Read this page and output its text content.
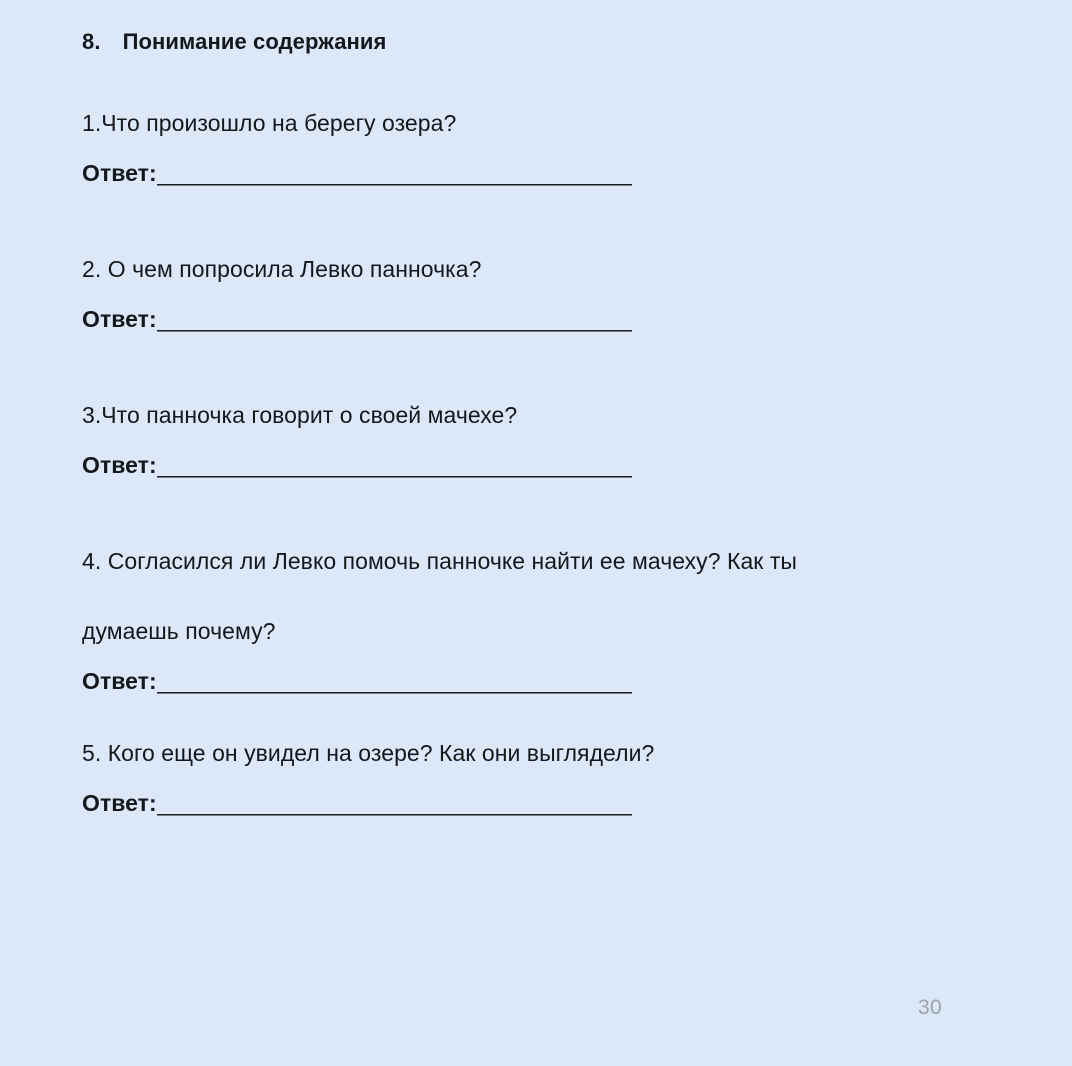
8. Понимание содержания
1.Что произошло на берегу озера?
Ответ: _______________________________________
2. О чем попросила Левко панночка?
Ответ: _______________________________________
3.Что панночка говорит о своей мачехе?
Ответ: _______________________________________
4. Согласился ли Левко помочь панночке найти ее мачеху? Как ты
думаешь почему?
Ответ: _______________________________________
5. Кого еще он увидел на озере? Как они выглядели?
Ответ: _______________________________________
30
